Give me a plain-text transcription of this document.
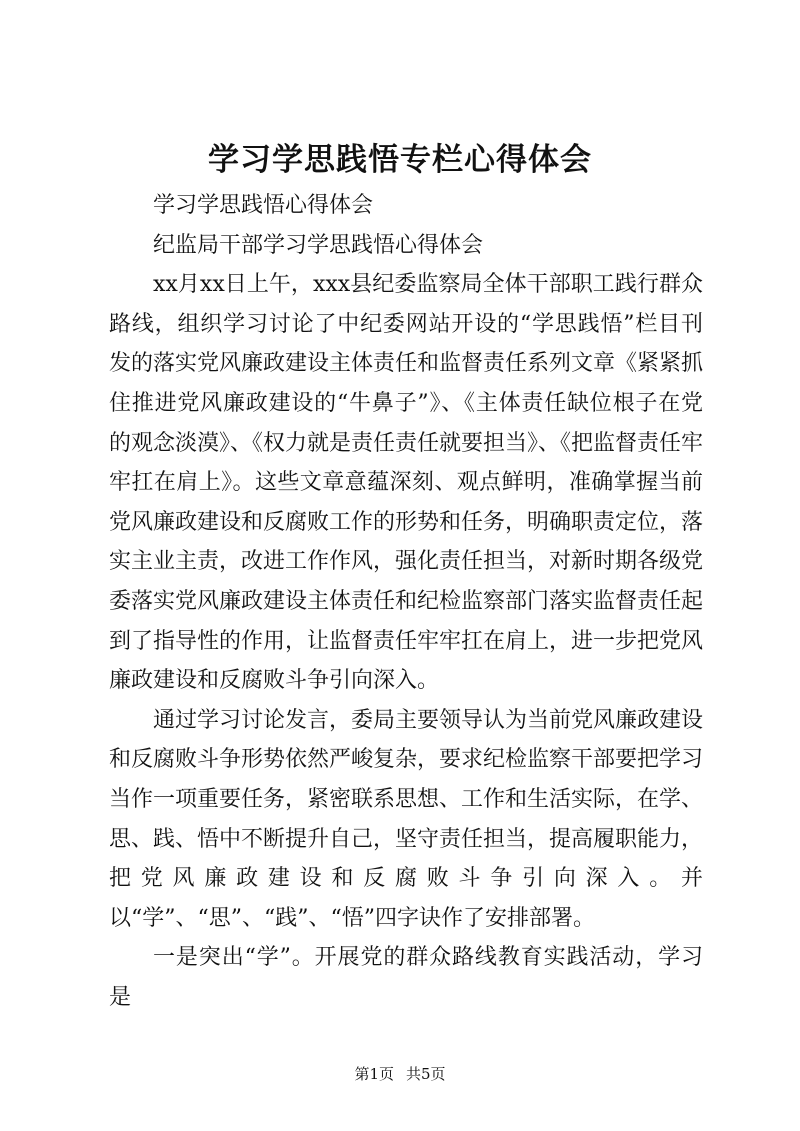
学习学思践悟专栏心得体会

学习学思践悟心得体会

纪监局干部学习学思践悟心得体会

xx月xx日上午，xxx县纪委监察局全体干部职工践行群众路线，组织学习讨论了中纪委网站开设的“学思践悟”栏目刊发的落实党风廉政建设主体责任和监督责任系列文章《紧紧抓住推进党风廉政建设的“牛鼻子”》、《主体责任缺位根子在党的观念淡漠》、《权力就是责任责任就要担当》、《把监督责任牢牢扛在肩上》。这些文章意蕴深刻、观点鲜明，准确掌握当前党风廉政建设和反腐败工作的形势和任务，明确职责定位，落实主业主责，改进工作作风，强化责任担当，对新时期各级党委落实党风廉政建设主体责任和纪检监察部门落实监督责任起到了指导性的作用，让监督责任牢牢扛在肩上，进一步把党风廉政建设和反腐败斗争引向深入。

通过学习讨论发言，委局主要领导认为当前党风廉政建设和反腐败斗争形势依然严峻复杂，要求纪检监察干部要把学习当作一项重要任务，紧密联系思想、工作和生活实际，在学、思、践、悟中不断提升自己，坚守责任担当，提高履职能力，把党风廉政建设和反腐败斗争引向深入。并以“学”、“思”、“践”、“悟”四字诀作了安排部署。

一是突出“学”。开展党的群众路线教育实践活动，学习是

第1页 共5页
